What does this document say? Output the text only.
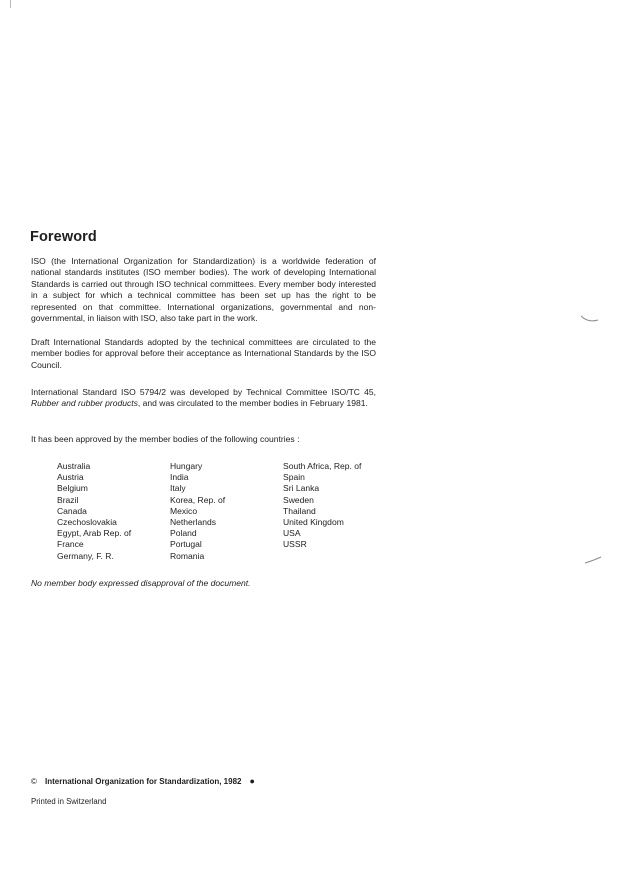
Foreword

ISO (the International Organization for Standardization) is a worldwide federation of national standards institutes (ISO member bodies). The work of developing International Standards is carried out through ISO technical committees. Every member body interested in a subject for which a technical committee has been set up has the right to be represented on that committee. International organizations, governmental and non-governmental, in liaison with ISO, also take part in the work.

Draft International Standards adopted by the technical committees are circulated to the member bodies for approval before their acceptance as International Standards by the ISO Council.

International Standard ISO 5794/2 was developed by Technical Committee ISO/TC 45, Rubber and rubber products, and was circulated to the member bodies in February 1981.

It has been approved by the member bodies of the following countries :

Australia
Austria
Belgium
Brazil
Canada
Czechoslovakia
Egypt, Arab Rep. of
France
Germany, F. R.
Hungary
India
Italy
Korea, Rep. of
Mexico
Netherlands
Poland
Portugal
Romania
South Africa, Rep. of
Spain
Sri Lanka
Sweden
Thailand
United Kingdom
USA
USSR

No member body expressed disapproval of the document.

© International Organization for Standardization, 1982 ●

Printed in Switzerland
